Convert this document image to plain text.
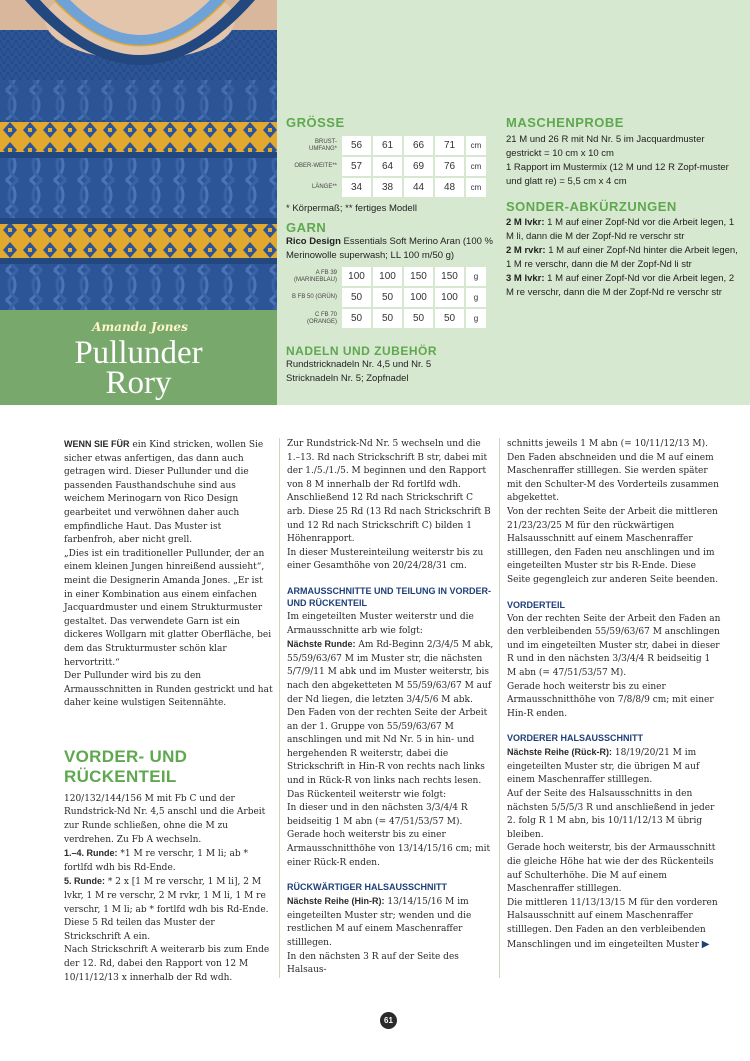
Amanda Jones
Pullunder
Rory
GRÖSSE
BRUST-UMFANG*	56	61	66	71	cm
OBER-WEITE**	57	64	69	76	cm
LÄNGE**	34	38	44	48	cm
* Körpermaß; ** fertiges Modell
GARN
Rico Design Essentials Soft Merino Aran (100 % Merinowolle superwash; LL 100 m/50 g)
A FB 39 (MARINEBLAU)	100	100	150	150	g
B FB 50 (GRÜN)	50	50	100	100	g
C FB 70 (ORANGE)	50	50	50	50	g
NADELN UND ZUBEHÖR
Rundstricknadeln Nr. 4,5 und Nr. 5 Stricknadeln Nr. 5; Zopfnadel
MASCHENPROBE
21 M und 26 R mit Nd Nr. 5 im Jacquardmuster gestrickt = 10 cm x 10 cm
1 Rapport im Mustermix (12 M und 12 R Zopf-muster und glatt re) = 5,5 cm x 4 cm
SONDER-ABKÜRZUNGEN
2 M lvkr: 1 M auf einer Zopf-Nd vor die Arbeit legen, 1 M li, dann die M der Zopf-Nd re verschr str
2 M rvkr: 1 M auf einer Zopf-Nd hinter die Arbeit legen, 1 M re verschr, dann die M der Zopf-Nd li str
3 M lvkr: 1 M auf einer Zopf-Nd vor die Arbeit legen, 2 M re verschr, dann die M der Zopf-Nd re verschr str

WENN SIE FÜR ein Kind stricken, wollen Sie sicher etwas anfertigen, das dann auch getragen wird. Dieser Pullunder und die passenden Fausthandschuhe sind aus weichem Merinogarn von Rico Design gearbeitet und verwöhnen daher auch empfindliche Haut. Das Muster ist farbenfroh, aber nicht grell.

„Dies ist ein traditioneller Pullunder, der an einem kleinen Jungen hinreißend aussieht“, meint die Designerin Amanda Jones. „Er ist in einer Kombination aus einem einfachen Jacquardmuster und einem Strukturmuster gestaltet. Das verwendete Garn ist ein dickeres Wollgarn mit glatter Oberfläche, bei dem das Strukturmuster schön klar hervortritt.“

Der Pullunder wird bis zu den Armausschnitten in Runden gestrickt und hat daher keine wulstigen Seitennähte.

VORDER- UND RÜCKENTEIL

120/132/144/156 M mit Fb C und der Rundstrick-Nd Nr. 4,5 anschl und die Arbeit zur Runde schließen, ohne die M zu verdrehen. Zu Fb A wechseln.

1.–4. Runde: *1 M re verschr, 1 M li; ab * fortlfd wdh bis Rd-Ende.

5. Runde: * 2 x [1 M re verschr, 1 M li], 2 M lvkr, 1 M re verschr, 2 M rvkr, 1 M li, 1 M re verschr, 1 M li; ab * fortlfd wdh bis Rd-Ende.

Diese 5 Rd teilen das Muster der Strickschrift A ein.

Nach Strickschrift A weiterarb bis zum Ende der 12. Rd, dabei den Rapport von 12 M 10/11/12/13 x innerhalb der Rd wdh.

Zur Rundstrick-Nd Nr. 5 wechseln und die 1.–13. Rd nach Strickschrift B str, dabei mit der 1./5./1./5. M beginnen und den Rapport von 8 M innerhalb der Rd fortlfd wdh.

Anschließend 12 Rd nach Strickschrift C arb. Diese 25 Rd (13 Rd nach Strickschrift B und 12 Rd nach Strickschrift C) bilden 1 Höhenrapport.

In dieser Mustereinteilung weiterstr bis zu einer Gesamthöhe von 20/24/28/31 cm.

ARMAUSSCHNITTE UND TEILUNG IN VORDER- UND RÜCKENTEIL

Im eingeteilten Muster weiterstr und die Armausschnitte arb wie folgt:

Nächste Runde: Am Rd-Beginn 2/3/4/5 M abk, 55/59/63/67 M im Muster str, die nächsten 5/7/9/11 M abk und im Muster weiterstr, bis nach den abgeketteten M 55/59/63/67 M auf der Nd liegen, die letzten 3/4/5/6 M abk.

Den Faden von der rechten Seite der Arbeit an der 1. Gruppe von 55/59/63/67 M anschlingen und mit Nd Nr. 5 in hin- und hergehenden R weiterstr, dabei die Strickschrift in Hin-R von rechts nach links und in Rück-R von links nach rechts lesen. Das Rückenteil weiterstr wie folgt:

In dieser und in den nächsten 3/3/4/4 R beidseitig 1 M abn (= 47/51/53/57 M).

Gerade hoch weiterstr bis zu einer Armausschnitthöhe von 13/14/15/16 cm; mit einer Rück-R enden.

RÜCKWÄRTIGER HALSAUSSCHNITT

Nächste Reihe (Hin-R): 13/14/15/16 M im eingeteilten Muster str; wenden und die restlichen M auf einem Maschenraffer stilllegen.

In den nächsten 3 R auf der Seite des Halsaus-

schnitts jeweils 1 M abn (= 10/11/12/13 M).

Den Faden abschneiden und die M auf einem Maschenraffer stilllegen. Sie werden später mit den Schulter-M des Vorderteils zusammen abgekettet.

Von der rechten Seite der Arbeit die mittleren 21/23/23/25 M für den rückwärtigen Halsausschnitt auf einem Maschenraffer stilllegen, den Faden neu anschlingen und im eingeteilten Muster str bis R-Ende. Diese Seite gegengleich zur anderen Seite beenden.

VORDERTEIL

Von der rechten Seite der Arbeit den Faden an den verbleibenden 55/59/63/67 M anschlingen und im eingeteilten Muster str, dabei in dieser R und in den nächsten 3/3/4/4 R beidseitig 1 M abn (= 47/51/53/57 M).

Gerade hoch weiterstr bis zu einer Armausschnitthöhe von 7/8/8/9 cm; mit einer Hin-R enden.

VORDERER HALSAUSSCHNITT

Nächste Reihe (Rück-R): 18/19/20/21 M im eingeteilten Muster str, die übrigen M auf einem Maschenraffer stilllegen.

Auf der Seite des Halsausschnitts in den nächsten 5/5/5/3 R und anschließend in jeder 2. folg R 1 M abn, bis 10/11/12/13 M übrig bleiben.

Gerade hoch weiterstr, bis der Armausschnitt die gleiche Höhe hat wie der des Rückenteils auf Schulterhöhe. Die M auf einem Maschenraffer stilllegen.

Die mittleren 11/13/13/15 M für den vorderen Halsausschnitt auf einem Maschenraffer stilllegen. Den Faden an den verbleibenden Manschlingen und im eingeteilten Muster ▶

61
